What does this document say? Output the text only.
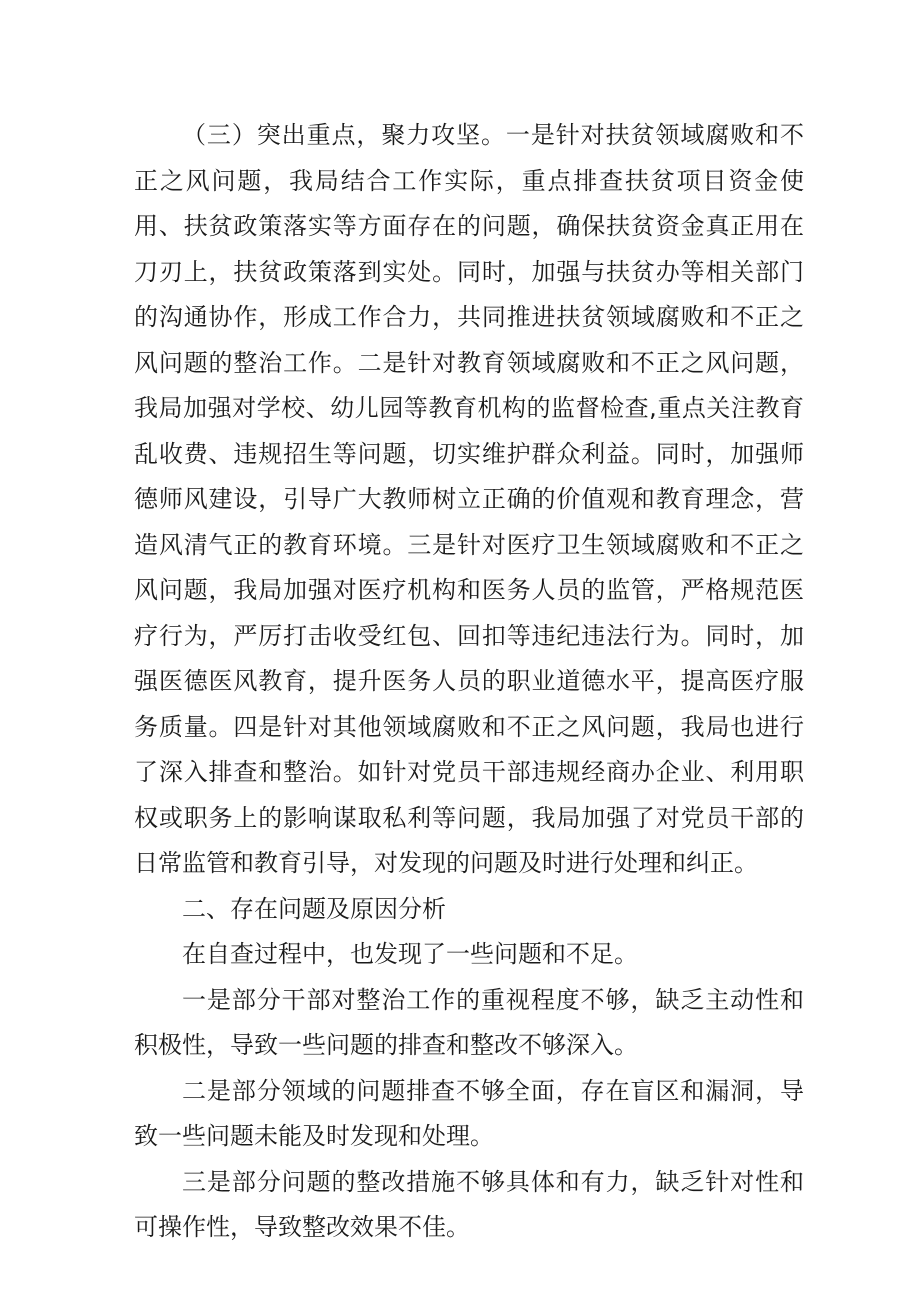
（三）突出重点，聚力攻坚。一是针对扶贫领域腐败和不正之风问题，我局结合工作实际，重点排查扶贫项目资金使用、扶贫政策落实等方面存在的问题，确保扶贫资金真正用在刀刃上，扶贫政策落到实处。同时，加强与扶贫办等相关部门的沟通协作，形成工作合力，共同推进扶贫领域腐败和不正之风问题的整治工作。二是针对教育领域腐败和不正之风问题，我局加强对学校、幼儿园等教育机构的监督检查,重点关注教育乱收费、违规招生等问题，切实维护群众利益。同时，加强师德师风建设，引导广大教师树立正确的价值观和教育理念，营造风清气正的教育环境。三是针对医疗卫生领域腐败和不正之风问题，我局加强对医疗机构和医务人员的监管，严格规范医疗行为，严厉打击收受红包、回扣等违纪违法行为。同时，加强医德医风教育，提升医务人员的职业道德水平，提高医疗服务质量。四是针对其他领域腐败和不正之风问题，我局也进行了深入排查和整治。如针对党员干部违规经商办企业、利用职权或职务上的影响谋取私利等问题，我局加强了对党员干部的日常监管和教育引导，对发现的问题及时进行处理和纠正。

二、存在问题及原因分析

在自查过程中，也发现了一些问题和不足。

一是部分干部对整治工作的重视程度不够，缺乏主动性和积极性，导致一些问题的排查和整改不够深入。

二是部分领域的问题排查不够全面，存在盲区和漏洞，导致一些问题未能及时发现和处理。

三是部分问题的整改措施不够具体和有力，缺乏针对性和可操作性，导致整改效果不佳。
